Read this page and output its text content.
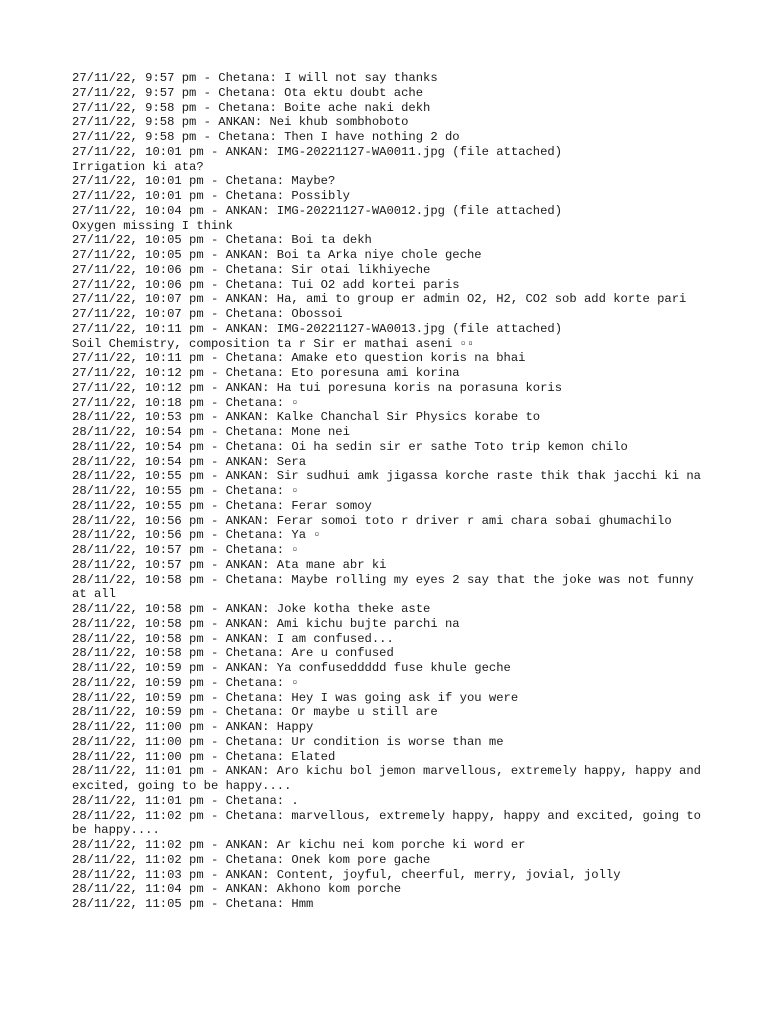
27/11/22, 9:57 pm - Chetana: I will not say thanks
27/11/22, 9:57 pm - Chetana: Ota ektu doubt ache
27/11/22, 9:58 pm - Chetana: Boite ache naki dekh
27/11/22, 9:58 pm - ANKAN: Nei khub sombhoboto
27/11/22, 9:58 pm - Chetana: Then I have nothing 2 do
27/11/22, 10:01 pm - ANKAN: IMG-20221127-WA0011.jpg (file attached)
Irrigation ki ata?
27/11/22, 10:01 pm - Chetana: Maybe?
27/11/22, 10:01 pm - Chetana: Possibly
27/11/22, 10:04 pm - ANKAN: IMG-20221127-WA0012.jpg (file attached)
Oxygen missing I think
27/11/22, 10:05 pm - Chetana: Boi ta dekh
27/11/22, 10:05 pm - ANKAN: Boi ta Arka niye chole geche
27/11/22, 10:06 pm - Chetana: Sir otai likhiyeche
27/11/22, 10:06 pm - Chetana: Tui O2 add kortei paris
27/11/22, 10:07 pm - ANKAN: Ha, ami to group er admin O2, H2, CO2 sob add korte pari
27/11/22, 10:07 pm - Chetana: Obossoi
27/11/22, 10:11 pm - ANKAN: IMG-20221127-WA0013.jpg (file attached)
Soil Chemistry, composition ta r Sir er mathai aseni ▫▫
27/11/22, 10:11 pm - Chetana: Amake eto question koris na bhai
27/11/22, 10:12 pm - Chetana: Eto poresuna ami korina
27/11/22, 10:12 pm - ANKAN: Ha tui poresuna koris na porasuna koris
27/11/22, 10:18 pm - Chetana: ▫
28/11/22, 10:53 pm - ANKAN: Kalke Chanchal Sir Physics korabe to
28/11/22, 10:54 pm - Chetana: Mone nei
28/11/22, 10:54 pm - Chetana: Oi ha sedin sir er sathe Toto trip kemon chilo
28/11/22, 10:54 pm - ANKAN: Sera
28/11/22, 10:55 pm - ANKAN: Sir sudhui amk jigassa korche raste thik thak jacchi ki na
28/11/22, 10:55 pm - Chetana: ▫
28/11/22, 10:55 pm - Chetana: Ferar somoy
28/11/22, 10:56 pm - ANKAN: Ferar somoi toto r driver r ami chara sobai ghumachilo
28/11/22, 10:56 pm - Chetana: Ya ▫
28/11/22, 10:57 pm - Chetana: ▫
28/11/22, 10:57 pm - ANKAN: Ata mane abr ki
28/11/22, 10:58 pm - Chetana: Maybe rolling my eyes 2 say that the joke was not funny at all
28/11/22, 10:58 pm - ANKAN: Joke kotha theke aste
28/11/22, 10:58 pm - ANKAN: Ami kichu bujte parchi na
28/11/22, 10:58 pm - ANKAN: I am confused...
28/11/22, 10:58 pm - Chetana: Are u confused
28/11/22, 10:59 pm - ANKAN: Ya confuseddddd fuse khule geche
28/11/22, 10:59 pm - Chetana: ▫
28/11/22, 10:59 pm - Chetana: Hey I was going ask if you were
28/11/22, 10:59 pm - Chetana: Or maybe u still are
28/11/22, 11:00 pm - ANKAN: Happy
28/11/22, 11:00 pm - Chetana: Ur condition is worse than me
28/11/22, 11:00 pm - Chetana: Elated
28/11/22, 11:01 pm - ANKAN: Aro kichu bol jemon marvellous, extremely happy, happy and excited, going to be happy....
28/11/22, 11:01 pm - Chetana: .
28/11/22, 11:02 pm - Chetana: marvellous, extremely happy, happy and excited, going to be happy....
28/11/22, 11:02 pm - ANKAN: Ar kichu nei kom porche ki word er
28/11/22, 11:02 pm - Chetana: Onek kom pore gache
28/11/22, 11:03 pm - ANKAN: Content, joyful, cheerful, merry, jovial, jolly
28/11/22, 11:04 pm - ANKAN: Akhono kom porche
28/11/22, 11:05 pm - Chetana: Hmm
